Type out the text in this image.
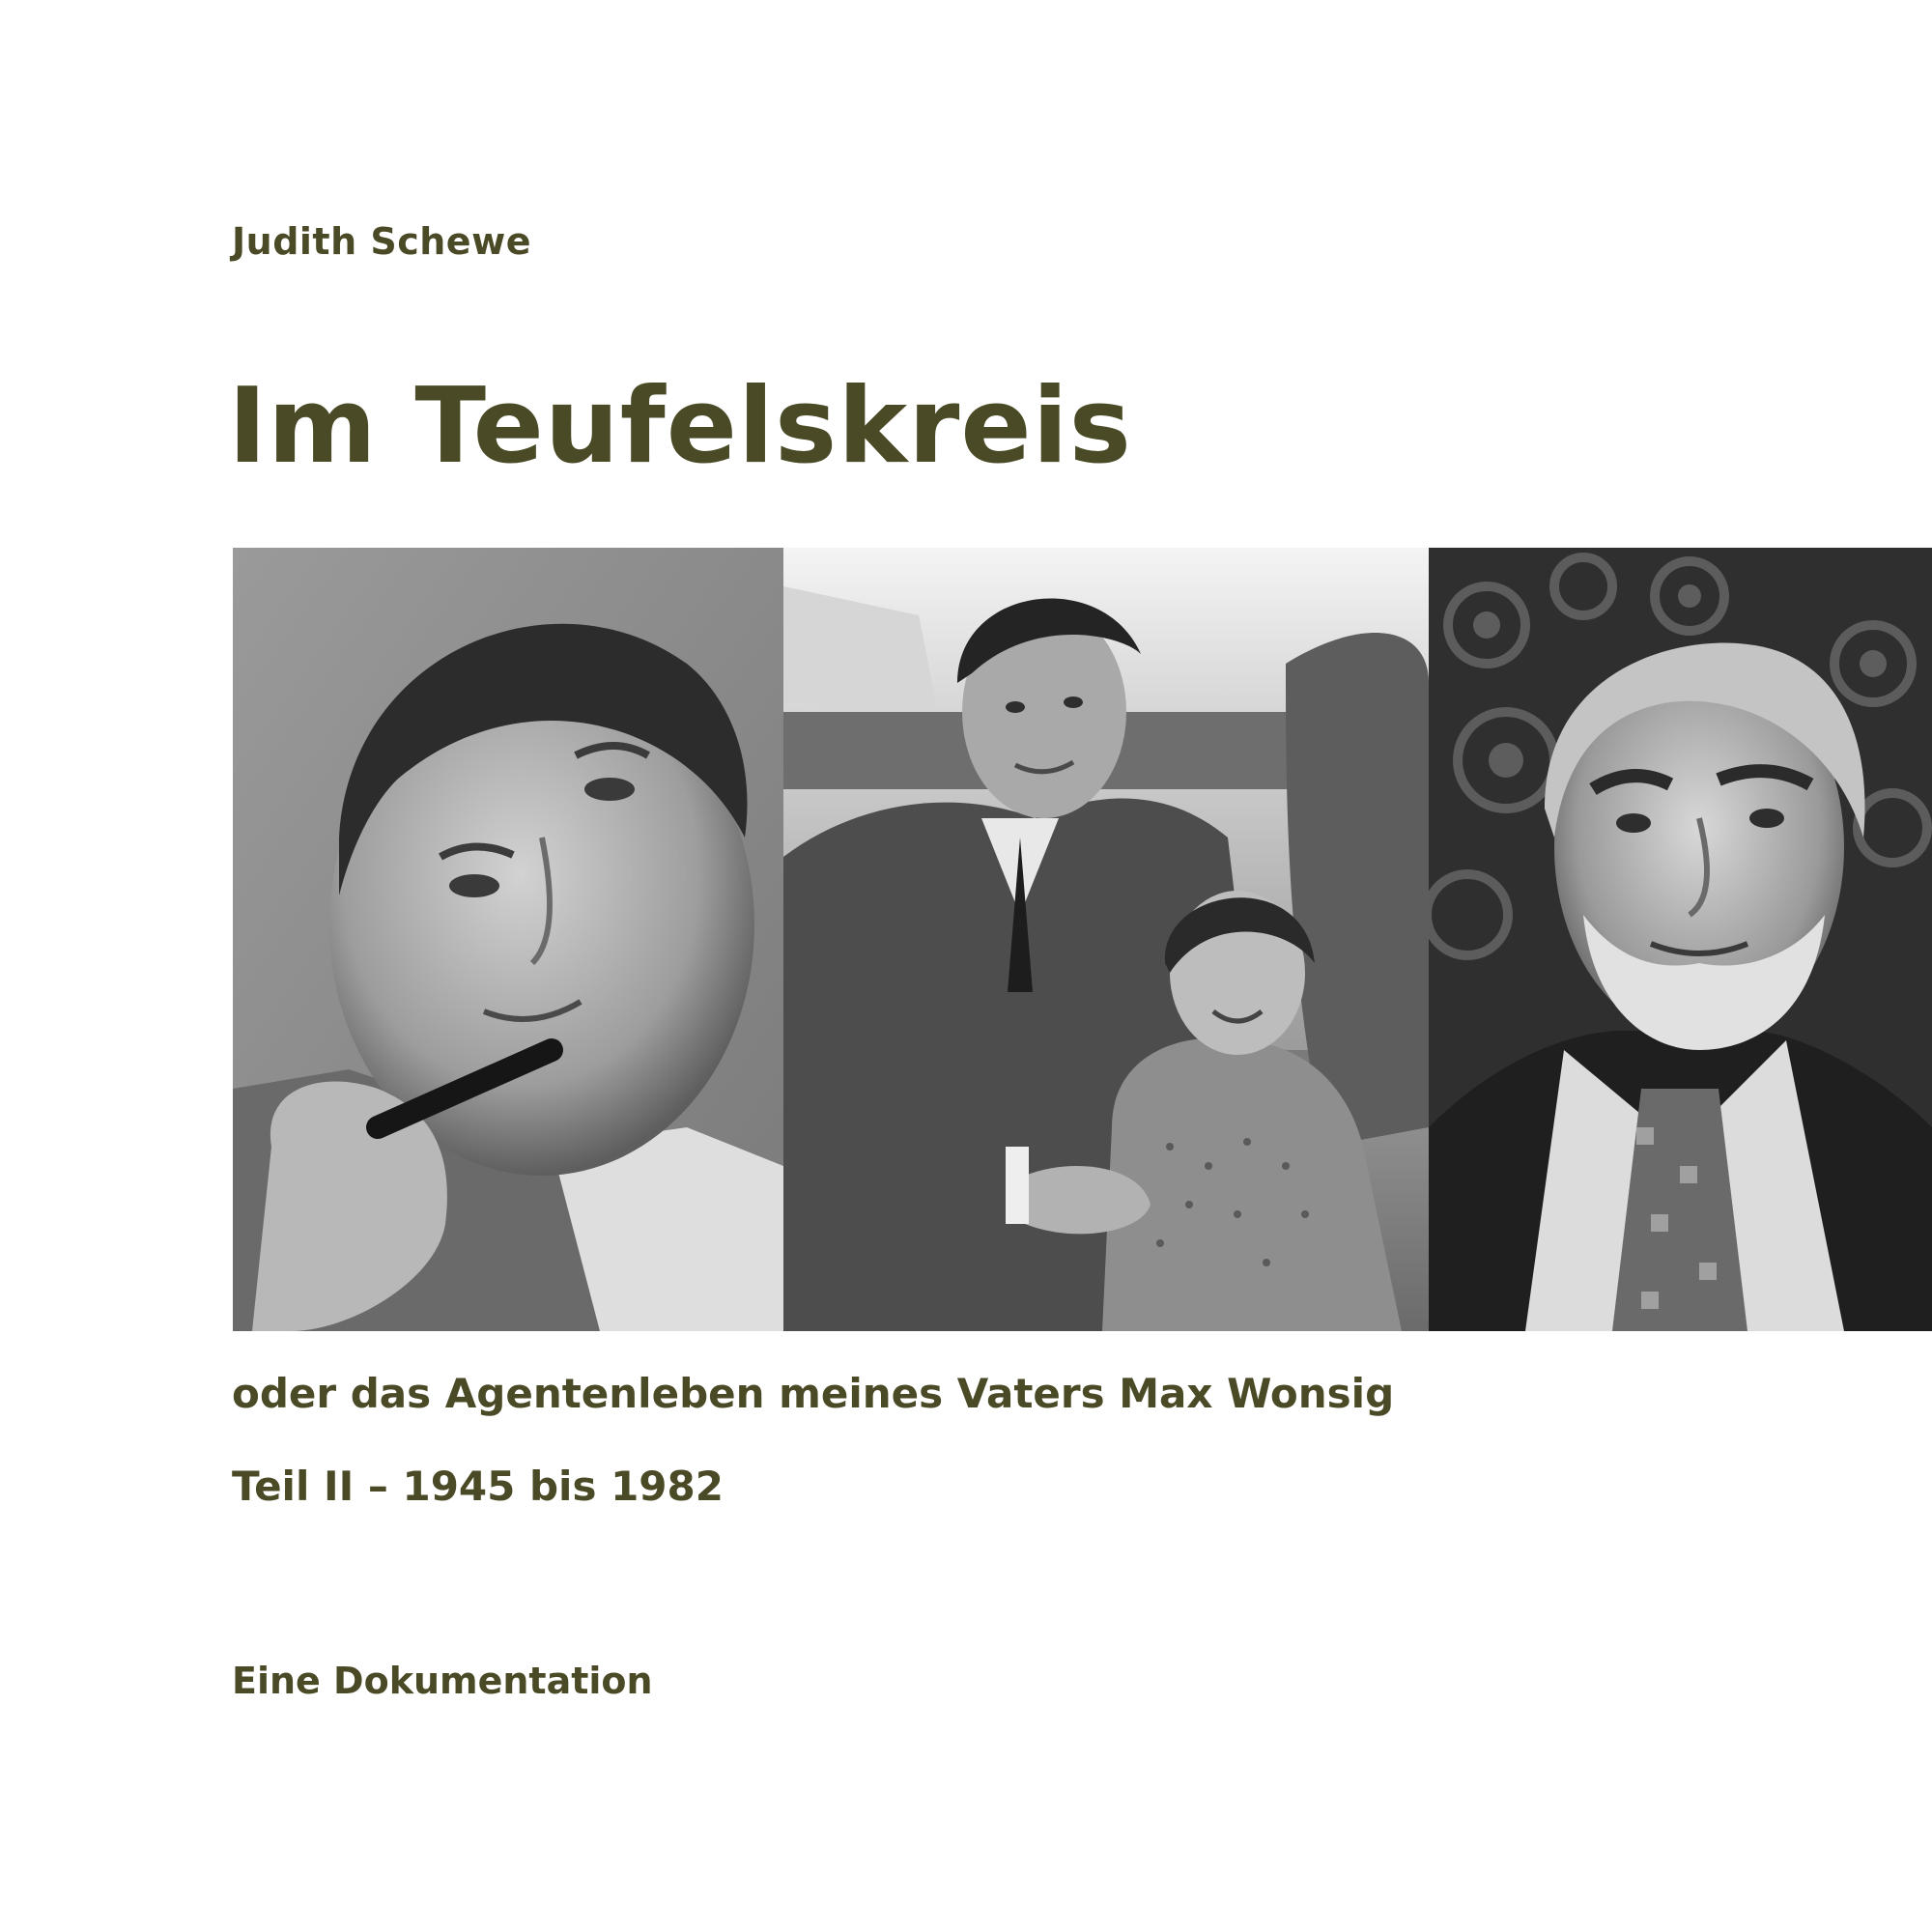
Judith Schewe
Im Teufelskreis
oder das Agentenleben meines Vaters Max Wonsig
Teil II – 1945 bis 1982
Eine Dokumentation
